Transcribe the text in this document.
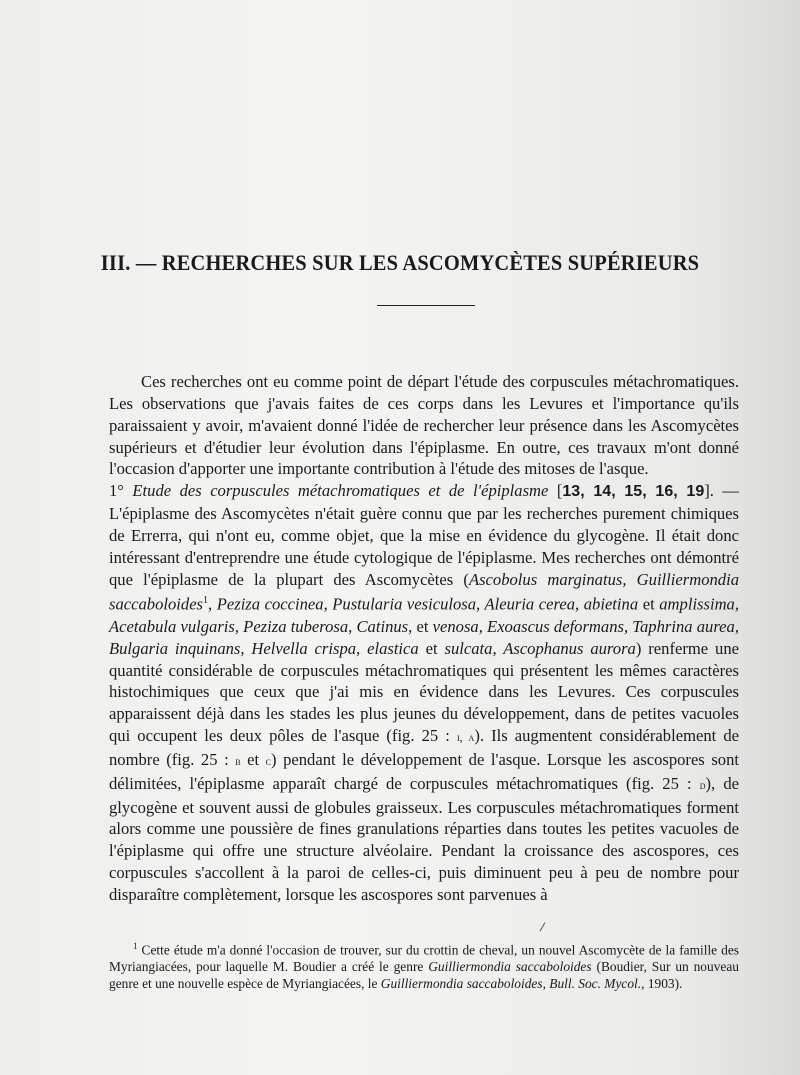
III. — RECHERCHES SUR LES ASCOMYCÈTES SUPÉRIEURS

Ces recherches ont eu comme point de départ l'étude des corpuscules métachromatiques. Les observations que j'avais faites de ces corps dans les Levures et l'importance qu'ils paraissaient y avoir, m'avaient donné l'idée de rechercher leur présence dans les Ascomycètes supérieurs et d'étudier leur évolution dans l'épiplasme. En outre, ces travaux m'ont donné l'occasion d'apporter une importante contribution à l'étude des mitoses de l'asque.

1° Etude des corpuscules métachromatiques et de l'épiplasme [13, 14, 15, 16, 19]. — L'épiplasme des Ascomycètes n'était guère connu que par les recherches purement chimiques de Errerra, qui n'ont eu, comme objet, que la mise en évidence du glycogène. Il était donc intéressant d'entreprendre une étude cytologique de l'épiplasme. Mes recherches ont démontré que l'épiplasme de la plupart des Ascomycètes (Ascobolus marginatus, Guilliermondia saccaboloides$^1$, Peziza coccinea, Pustularia vesiculosa, Aleuria cerea, abietina et amplissima, Acetabula vulgaris, Peziza tuberosa, Catinus, et venosa, Exoascus deformans, Taphrina aurea, Bulgaria inquinans, Helvella crispa, elastica et sulcata, Ascophanus aurora) renferme une quantité considérable de corpuscules métachromatiques qui présentent les mêmes caractères histochimiques que ceux que j'ai mis en évidence dans les Levures. Ces corpuscules apparaissent déjà dans les stades les plus jeunes du développement, dans de petites vacuoles qui occupent les deux pôles de l'asque (fig. 25 : i, a). Ils augmentent considérablement de nombre (fig. 25 : b et c) pendant le développement de l'asque. Lorsque les ascospores sont délimitées, l'épiplasme apparaît chargé de corpuscules métachromatiques (fig. 25 : d), de glycogène et souvent aussi de globules graisseux. Les corpuscules métachromatiques forment alors comme une poussière de fines granulations réparties dans toutes les petites vacuoles de l'épiplasme qui offre une structure alvéolaire. Pendant la croissance des ascospores, ces corpuscules s'accollent à la paroi de celles-ci, puis diminuent peu à peu de nombre pour disparaître complètement, lorsque les ascospores sont parvenues à

$^1$ Cette étude m'a donné l'occasion de trouver, sur du crottin de cheval, un nouvel Ascomycète de la famille des Myriangiacées, pour laquelle M. Boudier a créé le genre Guilliermondia saccaboloides (Boudier, Sur un nouveau genre et une nouvelle espèce de Myriangiacées, le Guilliermondia saccaboloides, Bull. Soc. Mycol., 1903).
